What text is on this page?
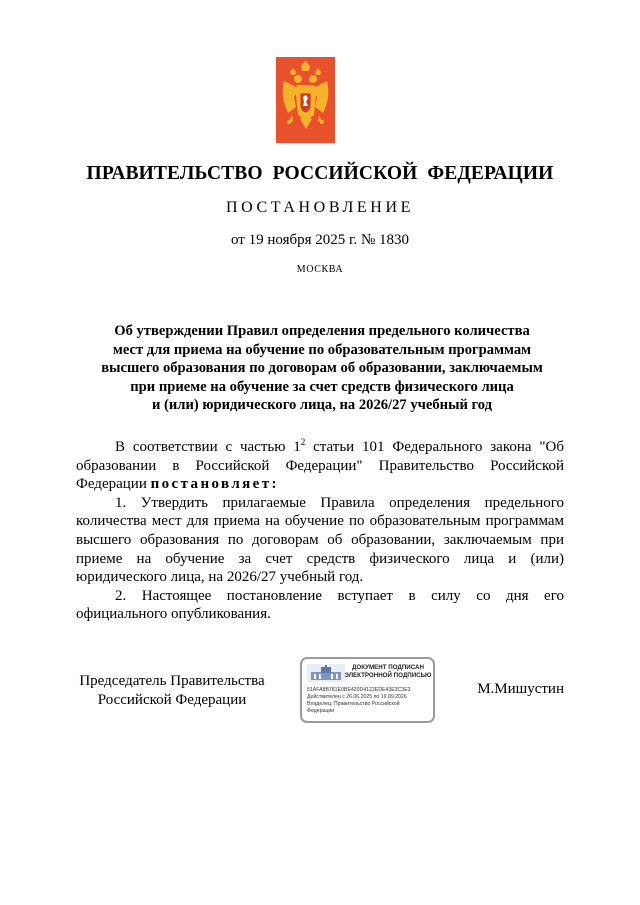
ПРАВИТЕЛЬСТВО РОССИЙСКОЙ ФЕДЕРАЦИИ
ПОСТАНОВЛЕНИЕ
от 19 ноября 2025 г. № 1830
МОСКВА
Об утверждении Правил определения предельного количества
мест для приема на обучение по образовательным программам
высшего образования по договорам об образовании, заключаемым
при приеме на обучение за счет средств физического лица
и (или) юридического лица, на 2026/27 учебный год

В соответствии с частью $1^2$ статьи 101 Федерального закона "Об образовании в Российской Федерации" Правительство Российской Федерации постановляет:

1. Утвердить прилагаемые Правила определения предельного количества мест для приема на обучение по образовательным программам высшего образования по договорам об образовании, заключаемым при приеме на обучение за счет средств физического лица и (или) юридического лица, на 2026/27 учебный год.

2. Настоящее постановление вступает в силу со дня его официального опубликования.

Председатель Правительства
Российской Федерации
ДОКУМЕНТ ПОДПИСАН
ЭЛЕКТРОННОЙ ПОДПИСЬЮ
51AFA8B781E0BE420D4122EDE43E3C3E3
Действителен с 26.06.2025 по 19.09.2026
Владелец: Правительство Российской
Федерации
М.Мишустин
